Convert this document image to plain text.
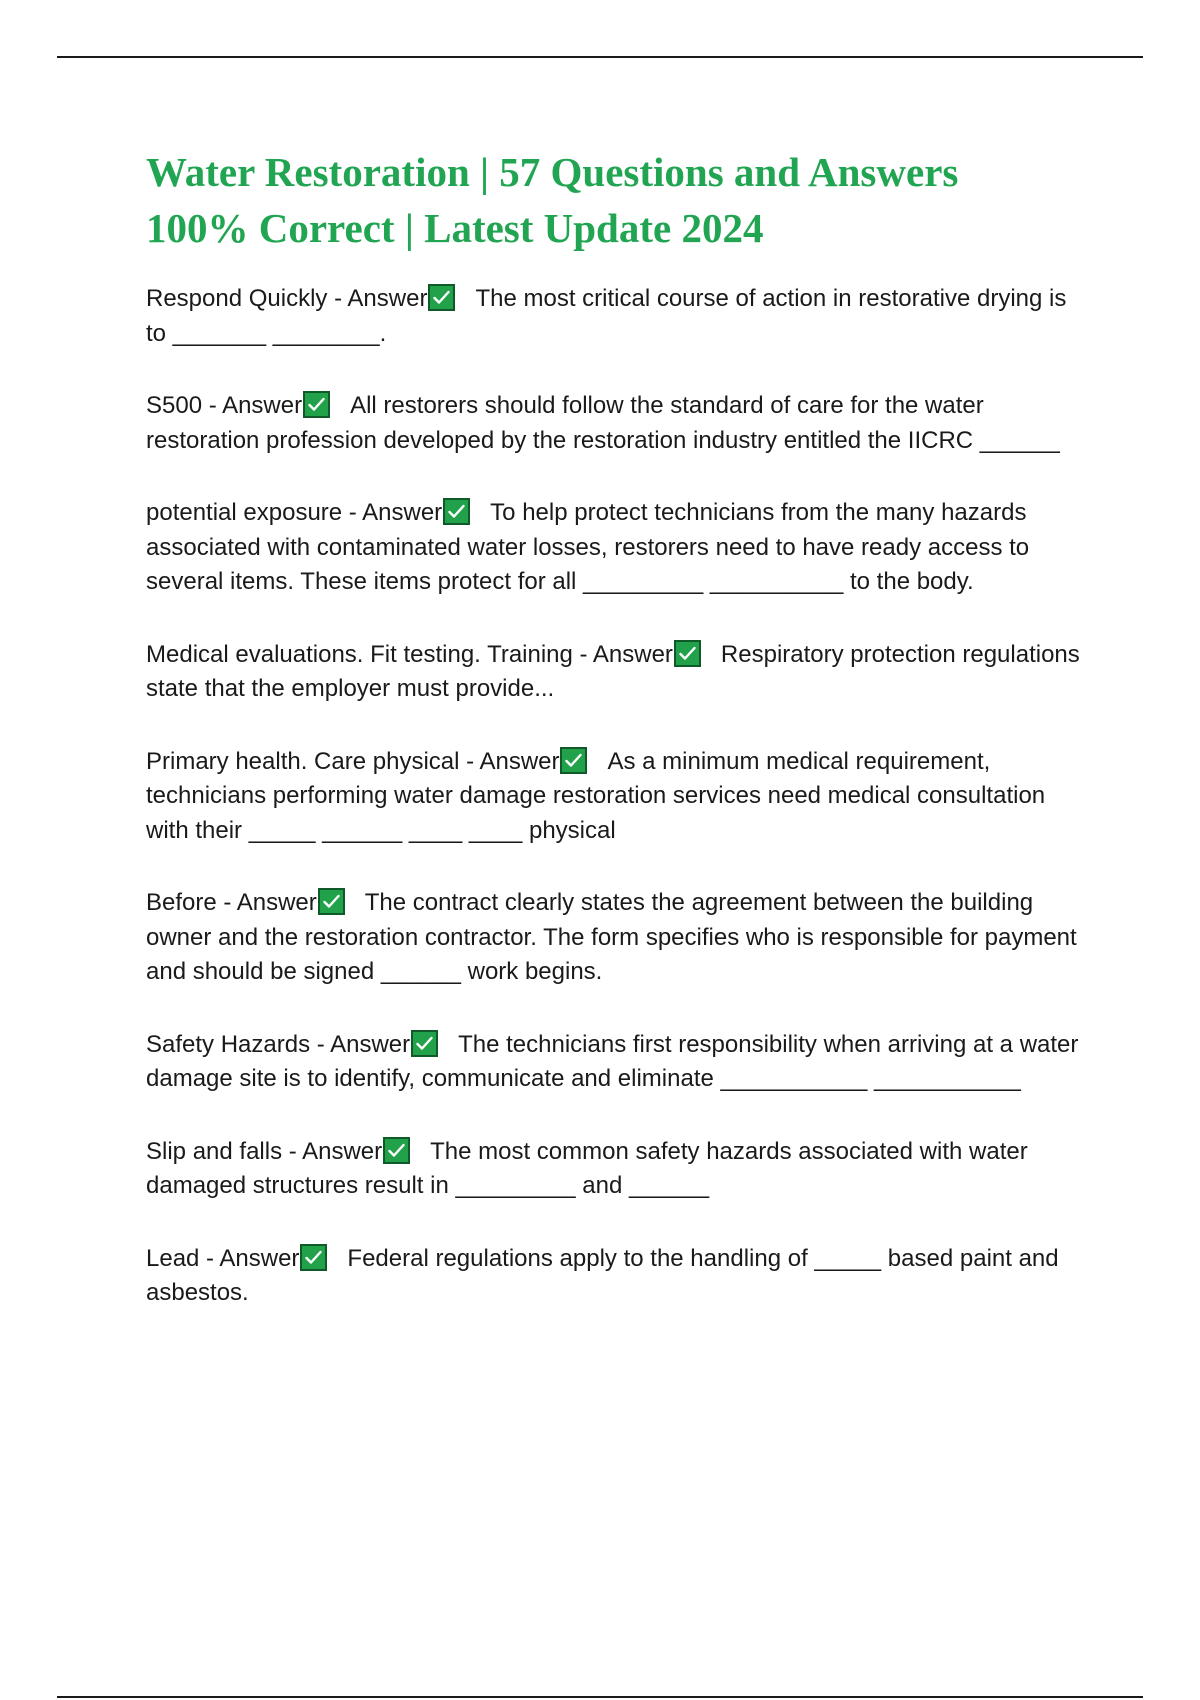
Water Restoration | 57 Questions and Answers
100% Correct | Latest Update 2024

Respond Quickly - Answer The most critical course of action in restorative drying is to _______ ________.

S500 - Answer All restorers should follow the standard of care for the water restoration profession developed by the restoration industry entitled the IICRC ______

potential exposure - Answer To help protect technicians from the many hazards associated with contaminated water losses, restorers need to have ready access to several items. These items protect for all _________ __________ to the body.

Medical evaluations. Fit testing. Training - Answer Respiratory protection regulations state that the employer must provide...

Primary health. Care physical - Answer As a minimum medical requirement, technicians performing water damage restoration services need medical consultation with their _____ ______ ____ ____ physical

Before - Answer The contract clearly states the agreement between the building owner and the restoration contractor. The form specifies who is responsible for payment and should be signed ______ work begins.

Safety Hazards - Answer The technicians first responsibility when arriving at a water damage site is to identify, communicate and eliminate ___________ ___________

Slip and falls - Answer The most common safety hazards associated with water damaged structures result in _________ and ______

Lead - Answer Federal regulations apply to the handling of _____ based paint and asbestos.
